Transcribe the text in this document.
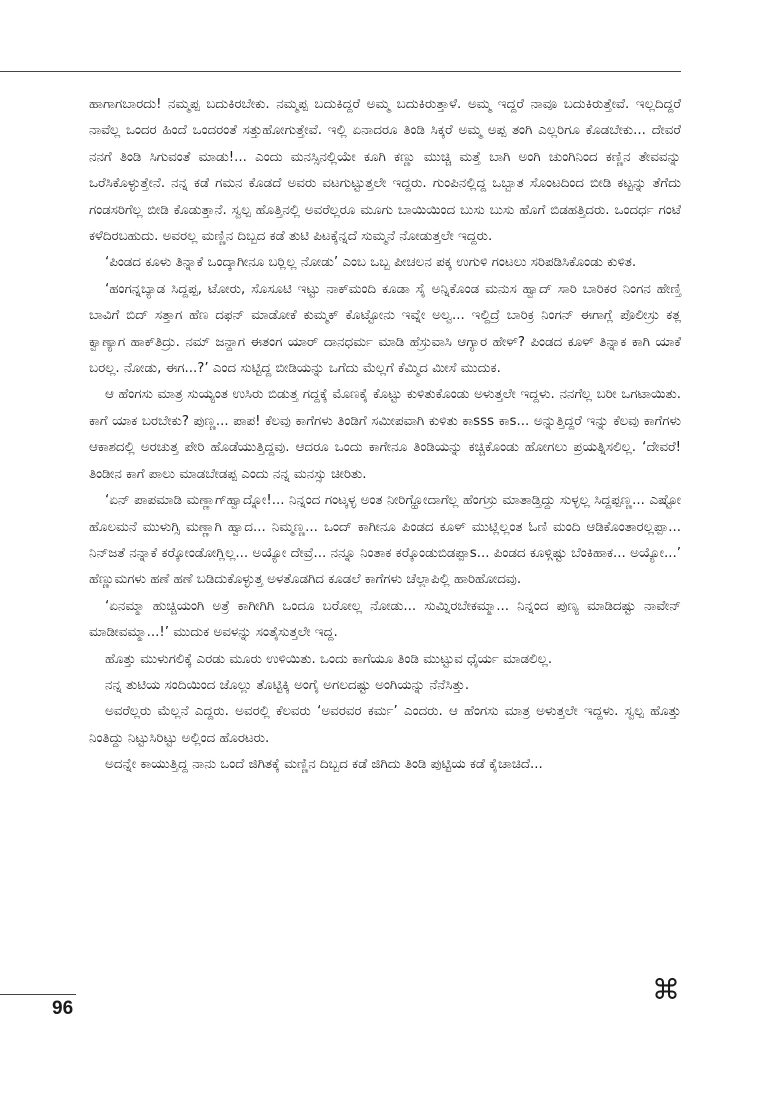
ಹಾಗಾಗಬಾರದು! ನಮ್ಮಪ್ಪ ಬದುಕಿರಬೇಕು. ನಮ್ಮಪ್ಪ ಬದುಕಿದ್ದರೆ ಅಮ್ಮ ಬದುಕಿರುತ್ತಾಳೆ. ಅಮ್ಮ ಇದ್ದರೆ ನಾವೂ ಬದುಕಿರುತ್ತೇವೆ. ಇಲ್ಲದಿದ್ದರೆ ನಾವೆಲ್ಲ ಒಂದರ ಹಿಂದೆ ಒಂದರಂತೆ ಸತ್ತುಹೋಗುತ್ತೇವೆ. ಇಲ್ಲಿ ಏನಾದರೂ ತಿಂಡಿ ಸಿಕ್ಕರೆ ಅಮ್ಮ ಅಪ್ಪ ತಂಗಿ ಎಲ್ಲರಿಗೂ ಕೊಡಬೇಕು... ದೇವರೆ ನನಗೆ ತಿಂಡಿ ಸಿಗುವಂತೆ ಮಾಡು!... ಎಂದು ಮನಸ್ಸಿನಲ್ಲಿಯೇ ಕೂಗಿ ಕಣ್ಣು ಮುಚ್ಚಿ ಮತ್ತೆ ಬಾಗಿ ಅಂಗಿ ಚುಂಗಿನಿಂದ ಕಣ್ಣಿನ ತೇವವನ್ನು ಒರೆಸಿಕೊಳ್ಳುತ್ತೇನೆ. ನನ್ನ ಕಡೆ ಗಮನ ಕೊಡದೆ ಅವರು ವಟಗುಟ್ಟುತ್ತಲೇ ಇದ್ದರು. ಗುಂಪಿನಲ್ಲಿದ್ದ ಒಬ್ಬಾತ ಸೊಂಟದಿಂದ ಬೀಡಿ ಕಟ್ಟನ್ನು ತೆಗೆದು ಗಂಡಸರಿಗೆಲ್ಲ ಬೀಡಿ ಕೊಡುತ್ತಾನೆ. ಸ್ವಲ್ಪ ಹೊತ್ತಿನಲ್ಲಿ ಅವರೆಲ್ಲರೂ ಮೂಗು ಬಾಯಿಯಿಂದ ಬುಸು ಬುಸು ಹೊಗೆ ಬಿಡಹತ್ತಿದರು. ಒಂದರ್ಧ ಗಂಟೆ ಕಳೆದಿರಬಹುದು. ಅವರಲ್ಲ ಮಣ್ಣಿನ ದಿಬ್ಬದ ಕಡೆ ತುಟಿ ಪಿಟಕ್ಕೆನ್ನದೆ ಸುಮ್ಮನೆ ನೋಡುತ್ತಲೇ ಇದ್ದರು.

‘ಪಿಂಡದ ಕೂಳು ತಿನ್ನಾಕೆ ಒಂದ್ಕಾಗೀನೂ ಬರ್‍ಲಿಲ್ಲ ನೋಡು’ ಎಂಬ ಒಬ್ಬ ಪೀಚಲನ ಪಕ್ಕ ಉಗುಳಿ ಗಂಟಲು ಸರಿಪಡಿಸಿಕೊಂಡು ಕುಳಿತ.

‘ಹಂಗನ್ನಬ್ಯಾಡ ಸಿದ್ದಪ್ಪ, ಟೋರು, ಸೊಸೂಟಿ ಇಟ್ಟು ನಾಕ್‌ಮಂದಿ ಕೂಡಾ ಸೈ ಅನ್ನಿಕೊಂಡ ಮನುಸ ಹ್ವಾದ್ ಸಾರಿ ಬಾರಿಕರ ನಿಂಗನ ಹೇಣ್ತಿ ಬಾವಿಗೆ ಬಿದ್ ಸತ್ತಾಗ ಹೆಣ ದಫನ್ ಮಾಡೋಕೆ ಕುಮ್ಮಕ್ ಕೊಟ್ಟೋನು ಇವ್ನೇ ಅಲ್ವ... ಇಲ್ದಿದ್ರೆ ಬಾರಿಕ್ರ ನಿಂಗನ್ ಈಗಾಗ್ಲೆ ಪೊಲೀಸ್ರು ಕತ್ಲ ಕ್ವಾಣ್ಯಾಗ ಹಾಕ್‌ತಿದ್ರು. ನಮ್ ಜನ್ದಾಗ ಈತಂಗ ಯಾರ್ ದಾನಧರ್ಮ ಮಾಡಿ ಹೆಸ್ರುವಾಸಿ ಆಗ್ಯಾರ ಹೇಳ್? ಪಿಂಡದ ಕೂಳ್ ತಿನ್ನಾಕ ಕಾಗಿ ಯಾಕೆ ಬರಲ್ಲ. ನೋಡು, ಈಗ...?’ ಎಂದ ಸುಟ್ಟಿದ್ದ ಬೀಡಿಯನ್ನು ಒಗೆದು ಮೆಲ್ಲಗೆ ಕೆಮ್ಮಿದ ಮೀಸೆ ಮುದುಕ.

ಆ ಹೆಂಗಸು ಮಾತ್ರ ಸುಯ್ಯಂತ ಉಸಿರು ಬಿಡುತ್ತ ಗದ್ದಕ್ಕೆ ಮೊಣಕೈ ಕೊಟ್ಟು ಕುಳಿತುಕೊಂಡು ಅಳುತ್ತಲೇ ಇದ್ದಳು. ನನಗೆಲ್ಲ ಬರೀ ಒಗಟಾಯಿತು. ಕಾಗೆ ಯಾಕ ಬರಬೇಕು? ಪುಣ್ಣ... ಪಾಪ! ಕೆಲವು ಕಾಗೆಗಳು ತಿಂಡಿಗೆ ಸಮೀಪವಾಗಿ ಕುಳಿತು ಕಾsss ಕಾs... ಅನ್ನುತ್ತಿದ್ದರೆ ಇನ್ನು ಕೆಲವು ಕಾಗೆಗಳು ಆಕಾಶದಲ್ಲಿ ಅರಚುತ್ತ ಪೇರಿ ಹೊಡೆಯುತ್ತಿದ್ದವು. ಆದರೂ ಒಂದು ಕಾಗೇನೂ ತಿಂಡಿಯನ್ನು ಕಚ್ಚಿಕೊಂಡು ಹೋಗಲು ಪ್ರಯತ್ನಿಸಲಿಲ್ಲ. ‘ದೇವರೆ! ತಿಂಡೀನ ಕಾಗೆ ಪಾಲು ಮಾಡಬೇಡಪ್ಪ ಎಂದು ನನ್ನ ಮನಸ್ಸು ಚೀರಿತು.

‘ಏನ್ ಪಾಪಮಾಡಿ ಮಣ್ಣಾಗ್‌ಹ್ವಾದ್ನೋ!... ನಿನ್ನಂದ ಗಂಟ್ಕಳ್ಳ ಅಂತ ನೀರಿಗ್ಹೋದಾಗೆಲ್ಲ ಹೆಂಗಸ್ರು ಮಾತಾಡ್ತಿದ್ದು ಸುಳ್ಳಲ್ಲ ಸಿದ್ದಪ್ಪಣ್ಣ... ಎಷ್ಟೋ ಹೊಲಮನೆ ಮುಳುಗ್ಸಿ ಮಣ್ಣಾಗಿ ಹ್ವಾದ... ನಿಮ್ಮಣ್ಣ... ಒಂದ್ ಕಾಗೀನೂ ಪಿಂಡದ ಕೂಳ್ ಮುಟ್ಲಿಲ್ಲಂತ ಓಣಿ ಮಂದಿ ಆಡಿಕೊಂತಾರಲ್ಲಪ್ಪಾ... ನಿನ್‌ಜತೆ ನನ್ನಾಕೆ ಕರ್‍ಕೋಂಡೋಗ್ಲಿಲ್ಲ... ಅಯ್ಯೋ ದೇವ್ರೆ... ನನ್ನೂ ನಿಂತಾಕ ಕರ್‍ಕೊಂಡುಬಿಡಪ್ಪಾs... ಪಿಂಡದ ಕೂಳ್ಗಿಷ್ಟು ಬೆಂಕಿಹಾಕ... ಅಯ್ಯೋ...’ ಹೆಣ್ಣುಮಗಳು ಹಣೆ ಹಣೆ ಬಡಿದುಕೊಳ್ಳುತ್ತ ಅಳತೊಡಗಿದ ಕೂಡಲೆ ಕಾಗೆಗಳು ಚೆಲ್ಲಾಪಿಲ್ಲಿ ಹಾರಿಹೋದವು.

‘ಏನಮ್ಮಾ ಹುಚ್ಚಿಯಂಗಿ ಅತ್ರೆ ಕಾಗೀಗಿಗಿ ಒಂದೂ ಬರೋಲ್ಲ ನೋಡು... ಸುಮ್ನಿರಬೇಕಮ್ಮಾ... ನಿನ್ನಂದ ಪುಣ್ಯ ಮಾಡಿದಷ್ಟು ನಾವೇನ್ ಮಾಡೀವಮ್ಮಾ...!’ ಮುದುಕ ಅವಳನ್ನು ಸಂತೈಸುತ್ತಲೇ ಇದ್ದ.

ಹೊತ್ತು ಮುಳುಗಲಿಕ್ಕೆ ಎರಡು ಮೂರು ಉಳಿಯಿತು. ಒಂದು ಕಾಗೆಯೂ ತಿಂಡಿ ಮುಟ್ಟುವ ಧೈರ್ಯ ಮಾಡಲಿಲ್ಲ.

ನನ್ನ ತುಟಿಯ ಸಂದಿಯಿಂದ ಜೊಲ್ಲು ತೊಟ್ಟಿಕ್ಕಿ ಅಂಗೈ ಅಗಲದಷ್ಟು ಅಂಗಿಯನ್ನು ನೆನೆಸಿತ್ತು.

ಅವರೆಲ್ಲರು ಮೆಲ್ಲನೆ ಎದ್ದರು. ಅವರಲ್ಲಿ ಕೆಲವರು ‘ಅವರವರ ಕರ್ಮ’ ಎಂದರು. ಆ ಹೆಂಗಸು ಮಾತ್ರ ಅಳುತ್ತಲೇ ಇದ್ದಳು. ಸ್ವಲ್ಪ ಹೊತ್ತು ನಿಂತಿದ್ದು ನಿಟ್ಟುಸಿರಿಟ್ಟು ಅಲ್ಲಿಂದ ಹೊರಟರು.

ಅದನ್ನೇ ಕಾಯುತ್ತಿದ್ದ ನಾನು ಒಂದೆ ಜಿಗಿತಕ್ಕೆ ಮಣ್ಣಿನ ದಿಬ್ಬದ ಕಡೆ ಜಿಗಿದು ತಿಂಡಿ ಪುಟ್ಟಿಯ ಕಡೆ ಕೈಚಾಚಿದೆ...

96
⌘
